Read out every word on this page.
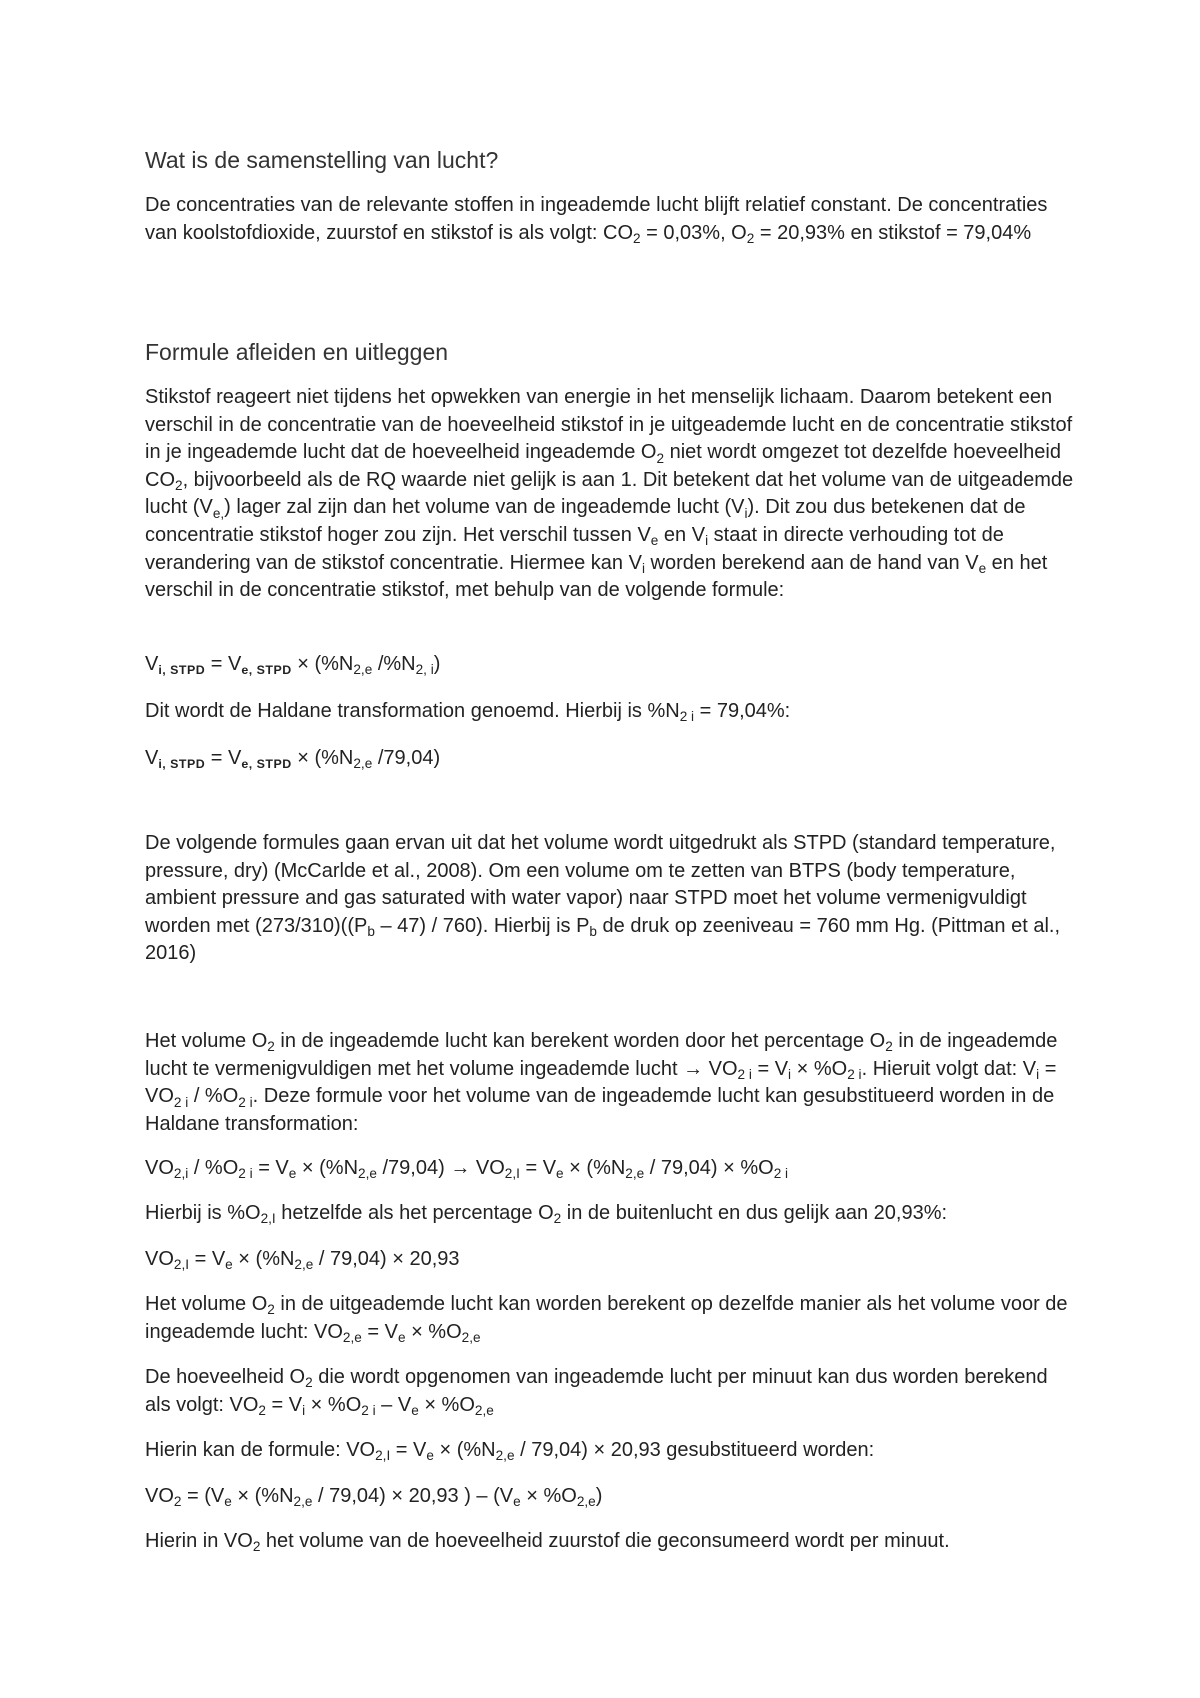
Wat is de samenstelling van lucht?

De concentraties van de relevante stoffen in ingeademde lucht blijft relatief constant. De concentraties van koolstofdioxide, zuurstof en stikstof is als volgt: $CO_2 = 0,03\%$, $O_2 = 20,93\%$ en stikstof = 79,04%

Formule afleiden en uitleggen

Stikstof reageert niet tijdens het opwekken van energie in het menselijk lichaam. Daarom betekent een verschil in de concentratie van de hoeveelheid stikstof in je uitgeademde lucht en de concentratie stikstof in je ingeademde lucht dat de hoeveelheid ingeademde $O_2$ niet wordt omgezet tot dezelfde hoeveelheid $CO_2$, bijvoorbeeld als de RQ waarde niet gelijk is aan 1. Dit betekent dat het volume van de uitgeademde lucht $(V_{e,})$ lager zal zijn dan het volume van de ingeademde lucht $(V_i)$. Dit zou dus betekenen dat de concentratie stikstof hoger zou zijn. Het verschil tussen $V_e$ en $V_i$ staat in directe verhouding tot de verandering van de stikstof concentratie. Hiermee kan $V_i$ worden berekend aan de hand van $V_e$ en het verschil in de concentratie stikstof, met behulp van de volgende formule:

$V_{i, STPD} = V_{e, STPD} \times (\%N_{2,e}$ $/\%N_{2, i}$)

Dit wordt de Haldane transformation genoemd. Hierbij is $\%N_{2 i} = 79,04\%$:

$V_{i, STPD} = V_{e, STPD} \times (\%N_{2,e}$ /79,04)

De volgende formules gaan ervan uit dat het volume wordt uitgedrukt als STPD (standard temperature, pressure, dry) (McCarlde et al., 2008). Om een volume om te zetten van BTPS (body temperature, ambient pressure and gas saturated with water vapor) naar STPD moet het volume vermenigvuldigt worden met $(273/310)((P_b - 47) / 760)$. Hierbij is $P_b$ de druk op zeeniveau = 760 mm Hg. (Pittman et al., 2016)

Het volume $O_2$ in de ingeademde lucht kan berekent worden door het percentage $O_2$ in de ingeademde lucht te vermenigvuldigen met het volume ingeademde lucht → $VO_{2 i} = V_i \times \%O_{2 i}$. Hieruit volgt dat: $V_i = VO_{2 i} / \%O_{2 i}$. Deze formule voor het volume van de ingeademde lucht kan gesubstitueerd worden in de Haldane transformation:

$VO_{2,i} / \%O_{2 i} = V_e \times (\%N_{2,e}$ $/79,04) \to VO_{2,I} = V_e \times (\%N_{2,e} / 79,04) \times \%O_{2 i}$

Hierbij is $\%O_{2,I}$ hetzelfde als het percentage $O_2$ in de buitenlucht en dus gelijk aan 20,93%:

$VO_{2,I} = V_e \times (\%N_{2,e} / 79,04) \times 20,93$

Het volume $O_2$ in de uitgeademde lucht kan worden berekent op dezelfde manier als het volume voor de ingeademde lucht: $VO_{2,e} = V_e \times \%O_{2,e}$

De hoeveelheid $O_2$ die wordt opgenomen van ingeademde lucht per minuut kan dus worden berekend als volgt: $VO_2 = V_i \times \%O_{2 i} - V_e \times \%O_{2,e}$

Hierin kan de formule: $VO_{2,I} = V_e \times (\%N_{2,e} / 79,04) \times 20,93$ gesubstitueerd worden:

$VO_2 = (V_e \times (\%N_{2,e} / 79,04) \times 20,93$ ) – $(V_e \times \%O_{2,e})$

Hierin in $VO_2$ het volume van de hoeveelheid zuurstof die geconsumeerd wordt per minuut.
